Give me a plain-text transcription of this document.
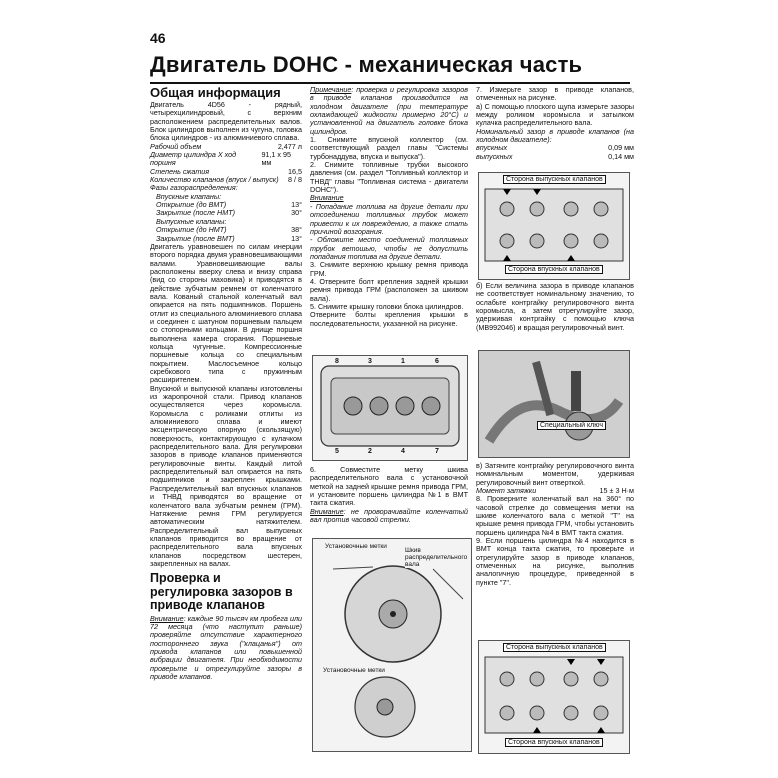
46
Двигатель DOHC - механическая часть
Общая информация

Двигатель 4D56 - рядный, четырехцилиндровый, с верхним расположением распределительных валов. Блок цилиндров выполнен из чугуна, головка блока цилиндров - из алюминиевого сплава.

Рабочий объем	2,477 л
Диаметр цилиндра X ход поршня
91,1 x 95 мм
Степень сжатия	16,5
Количество клапанов (впуск / выпуск) 8 / 8
Фазы газораспределения:
Впускные клапаны:
Открытие (до ВМТ)	13°
Закрытие (после НМТ)	30°
Выпускные клапаны:
Открытие (до НМТ)	38°
Закрытие (после ВМТ)	13°

Двигатель уравновешен по силам инерции второго порядка двумя уравновешивающими валами. Уравновешивающие валы расположены вверху слева и внизу справа (вид со стороны маховика) и приводятся в действие зубчатым ремнем от коленчатого вала. Кованый стальной коленчатый вал опирается на пять подшипников. Поршень отлит из специального алюминиевого сплава и соединен с шатуном поршневым пальцем со стопорными кольцами. В днище поршня выполнена камера сгорания. Поршневые кольца чугунные. Компрессионные поршневые кольца со специальным покрытием. Маслосъемное кольцо скребкового типа с пружинным расширителем.

Впускной и выпускной клапаны изготовлены из жаропрочной стали. Привод клапанов осуществляется через коромысла. Коромысла с роликами отлиты из алюминиевого сплава и имеют эксцентрическую опорную (скользящую) поверхность, контактирующую с кулачком распределительного вала. Для регулировки зазоров в приводе клапанов применяются регулировочные винты. Каждый литой распределительный вал опирается на пять подшипников и закреплен крышками. Распределительный вал впускных клапанов и ТНВД приводятся во вращение от коленчатого вала зубчатым ремнем (ГРМ). Натяжение ремня ГРМ регулируется автоматическим натяжителем. Распределительный вал выпускных клапанов приводится во вращение от распределительного вала впускных клапанов посредством шестерен, закрепленных на валах.

Проверка и регулировка зазоров в приводе клапанов

Внимание: каждые 90 тысяч км пробега или 72 месяца (что наступит раньше) проверяйте отсутствие характерного постороннего звука ("клацанья") от привода клапанов или повышенной вибрации двигателя. При необходимости проверьте и отрегулируйте зазоры в приводе клапанов.

Примечание: проверка и регулировка зазоров в приводе клапанов производится на холодном двигателе (при температуре охлаждающей жидкости примерно 20°C) и установленной на двигатель головке блока цилиндров.

1. Снимите впускной коллектор (см. соответствующий раздел главы "Системы турбонаддува, впуска и выпуска").

2. Снимите топливные трубки высокого давления (см. раздел "Топливный коллектор и ТНВД" главы "Топливная система - двигатели DOHC").

Внимание

- Попадание топлива на другие детали при отсоединении топливных трубок может привести к их повреждению, а также стать причиной возгорания.

- Обложите место соединений топливных трубок ветошью, чтобы не допустить попадания топлива на другие детали.

3. Снимите верхнюю крышку ремня привода ГРМ.

4. Отверните болт крепления задней крышки ремня привода ГРМ (расположен за шкивом вала).

5. Снимите крышку головки блока цилиндров.

Отверните болты крепления крышки в последовательности, указанной на рисунке.

8	3	1	6
5	2	4	7

6. Совместите метку шкива распределительного вала с установочной меткой на задней крышке ремня привода ГРМ, и установите поршень цилиндра №1 в ВМТ такта сжатия.

Внимание: не проворачивайте коленчатый вал против часовой стрелки.

Установочные метки
Шкив распределительного вала
Установочные метки

7. Измерьте зазор в приводе клапанов, отмеченных на рисунке.

а) С помощью плоского щупа измерьте зазоры между роликом коромысла и затылком кулачка распределительного вала.

Номинальный зазор в приводе клапанов (на холодном двигателе):

впускных	0,09 мм
выпускных	0,14 мм
Сторона выпускных клапанов
Сторона впускных клапанов

б) Если величина зазора в приводе клапанов не соответствует номинальному значению, то ослабьте контргайку регулировочного винта коромысла, а затем отрегулируйте зазор, удерживая контргайку с помощью ключа (MB992046) и вращая регулировочный винт.

Специальный ключ

в) Затяните контргайку регулировочного винта номинальным моментом, удерживая регулировочный винт отверткой.

Момент затяжки	15 ± 3 Н·м

8. Проверните коленчатый вал на 360° по часовой стрелке до совмещения метки на шкиве коленчатого вала с меткой "T" на крышке ремня привода ГРМ, чтобы установить поршень цилиндра №4 в ВМТ такта сжатия.

9. Если поршень цилиндра №4 находится в ВМТ конца такта сжатия, то проверьте и отрегулируйте зазор в приводе клапанов, отмеченных на рисунке, выполнив аналогичную процедуре, приведенной в пункте "7".

Сторона выпускных клапанов
Сторона впускных клапанов
